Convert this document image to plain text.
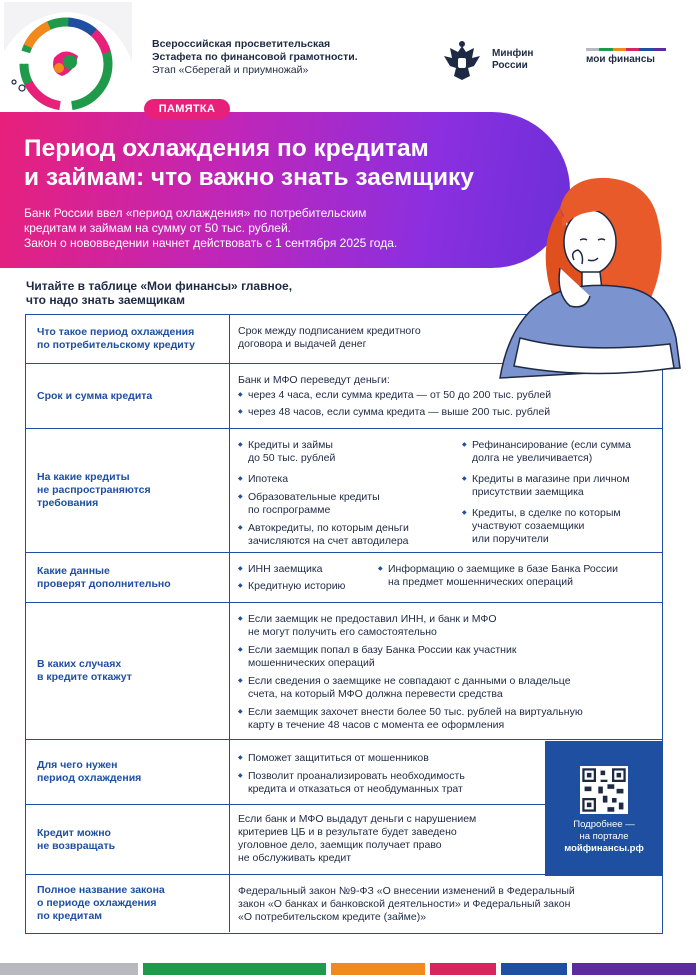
Всероссийская просветительская
Эстафета по финансовой грамотности.
Этап «Сберегай и приумножай»
Минфин
России
мои финансы
ПАМЯТКА
Период охлаждения по кредитам
и займам: что важно знать заемщику
Банк России ввел «период охлаждения» по потребительским
кредитам и займам на сумму от 50 тыс. рублей.
Закон о нововведении начнет действовать с 1 сентября 2025 года.
Читайте в таблице «Мои финансы» главное,
что надо знать заемщикам
Что такое период охлаждения
по потребительскому кредиту
Срок между подписанием кредитного
договора и выдачей денег
Срок и сумма кредита
Банк и МФО переведут деньги:
◆ через 4 часа, если сумма кредита — от 50 до 200 тыс. рублей
◆ через 48 часов, если сумма кредита — выше 200 тыс. рублей
На какие кредиты
не распространяются
требования
◆ Кредиты и займы
до 50 тыс. рублей
◆ Ипотека
◆ Образовательные кредиты
по госпрограмме
◆ Автокредиты, по которым деньги
зачисляются на счет автодилера
◆ Рефинансирование (если сумма
долга не увеличивается)
◆ Кредиты в магазине при личном
присутствии заемщика
◆ Кредиты, в сделке по которым
участвуют созаемщики
или поручители
Какие данные
проверят дополнительно
◆ ИНН заемщика
◆ Кредитную историю
◆ Информацию о заемщике в базе Банка России
на предмет мошеннических операций
В каких случаях
в кредите откажут
◆ Если заемщик не предоставил ИНН, и банк и МФО
не могут получить его самостоятельно
◆ Если заемщик попал в базу Банка России как участник
мошеннических операций
◆ Если сведения о заемщике не совпадают с данными о владельце
счета, на который МФО должна перевести средства
◆ Если заемщик захочет внести более 50 тыс. рублей на виртуальную
карту в течение 48 часов с момента ее оформления
Для чего нужен
период охлаждения
◆ Поможет защититься от мошенников
◆ Позволит проанализировать необходимость
кредита и отказаться от необдуманных трат
Кредит можно
не возвращать
Если банк и МФО выдадут деньги с нарушением
критериев ЦБ и в результате будет заведено
уголовное дело, заемщик получает право
не обслуживать кредит
Полное название закона
о периоде охлаждения
по кредитам
Федеральный закон №9-ФЗ «О внесении изменений в Федеральный
закон «О банках и банковской деятельности» и Федеральный закон
«О потребительском кредите (займе)»
Подробнее —
на портале
мойфинансы.рф
